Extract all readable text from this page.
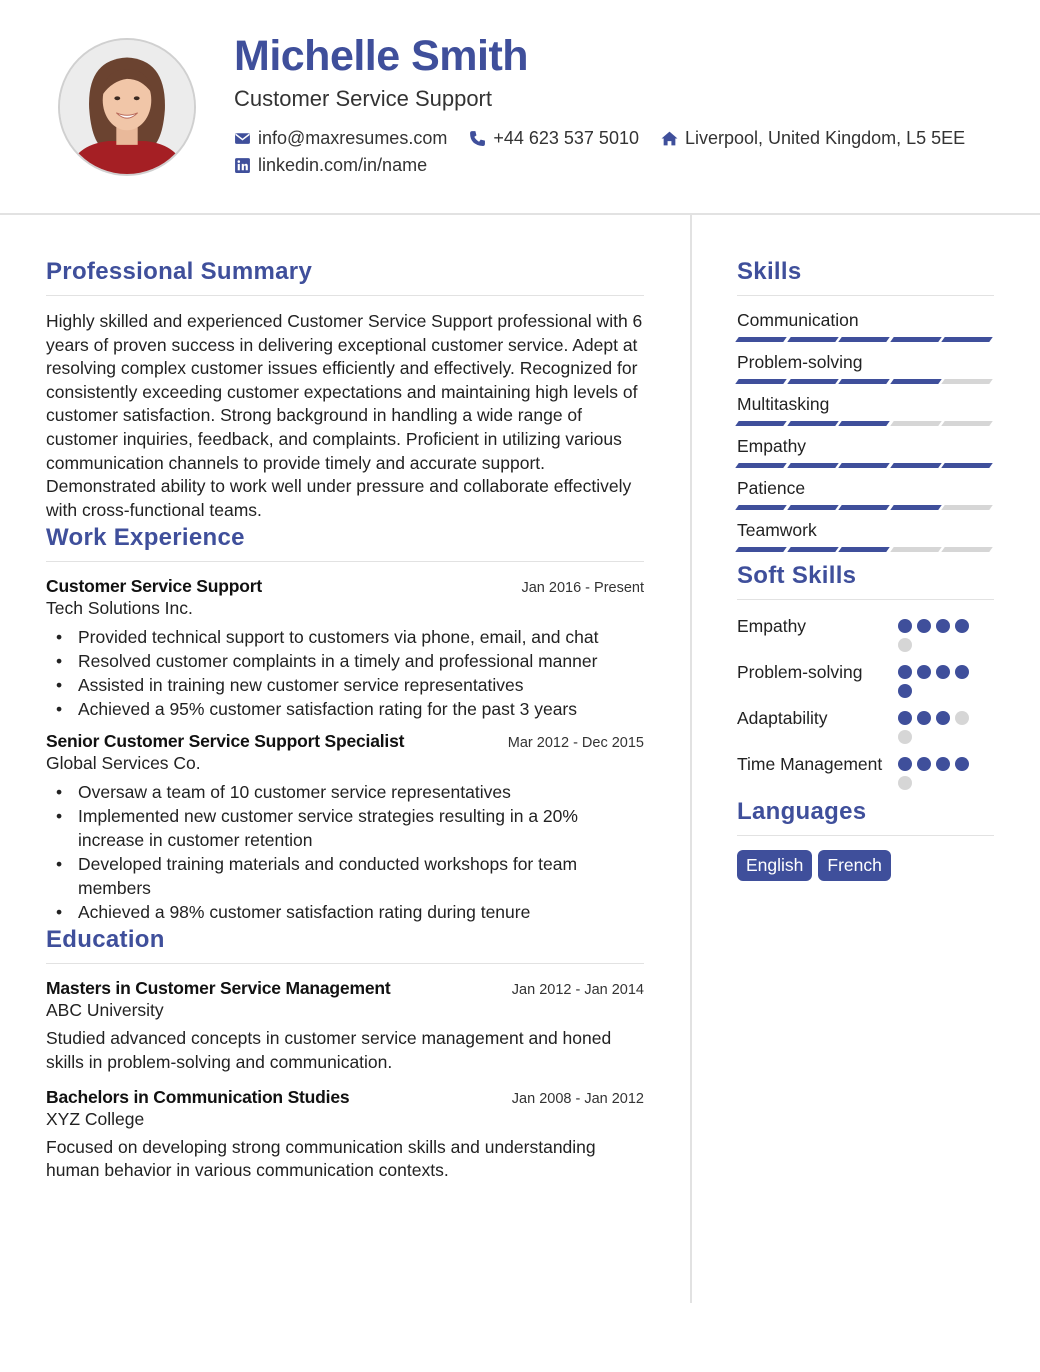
Michelle Smith
Customer Service Support
info@maxresumes.com	+44 623 537 5010	Liverpool, United Kingdom, L5 5EE
linkedin.com/in/name
Professional Summary
Highly skilled and experienced Customer Service Support professional with 6 years of proven success in delivering exceptional customer service. Adept at resolving complex customer issues efficiently and effectively. Recognized for consistently exceeding customer expectations and maintaining high levels of customer satisfaction. Strong background in handling a wide range of customer inquiries, feedback, and complaints. Proficient in utilizing various communication channels to provide timely and accurate support. Demonstrated ability to work well under pressure and collaborate effectively with cross-functional teams.
Work Experience
Customer Service Support	Jan 2016 - Present
Tech Solutions Inc.
• Provided technical support to customers via phone, email, and chat
• Resolved customer complaints in a timely and professional manner
• Assisted in training new customer service representatives
• Achieved a 95% customer satisfaction rating for the past 3 years
Senior Customer Service Support Specialist	Mar 2012 - Dec 2015
Global Services Co.
• Oversaw a team of 10 customer service representatives
• Implemented new customer service strategies resulting in a 20% increase in customer retention
• Developed training materials and conducted workshops for team members
• Achieved a 98% customer satisfaction rating during tenure
Education
Masters in Customer Service Management	Jan 2012 - Jan 2014
ABC University
Studied advanced concepts in customer service management and honed skills in problem-solving and communication.
Bachelors in Communication Studies	Jan 2008 - Jan 2012
XYZ College
Focused on developing strong communication skills and understanding human behavior in various communication contexts.
Skills
Communication
Problem-solving
Multitasking
Empathy
Patience
Teamwork
Soft Skills
Empathy
Problem-solving
Adaptability
Time Management
Languages
English	French
